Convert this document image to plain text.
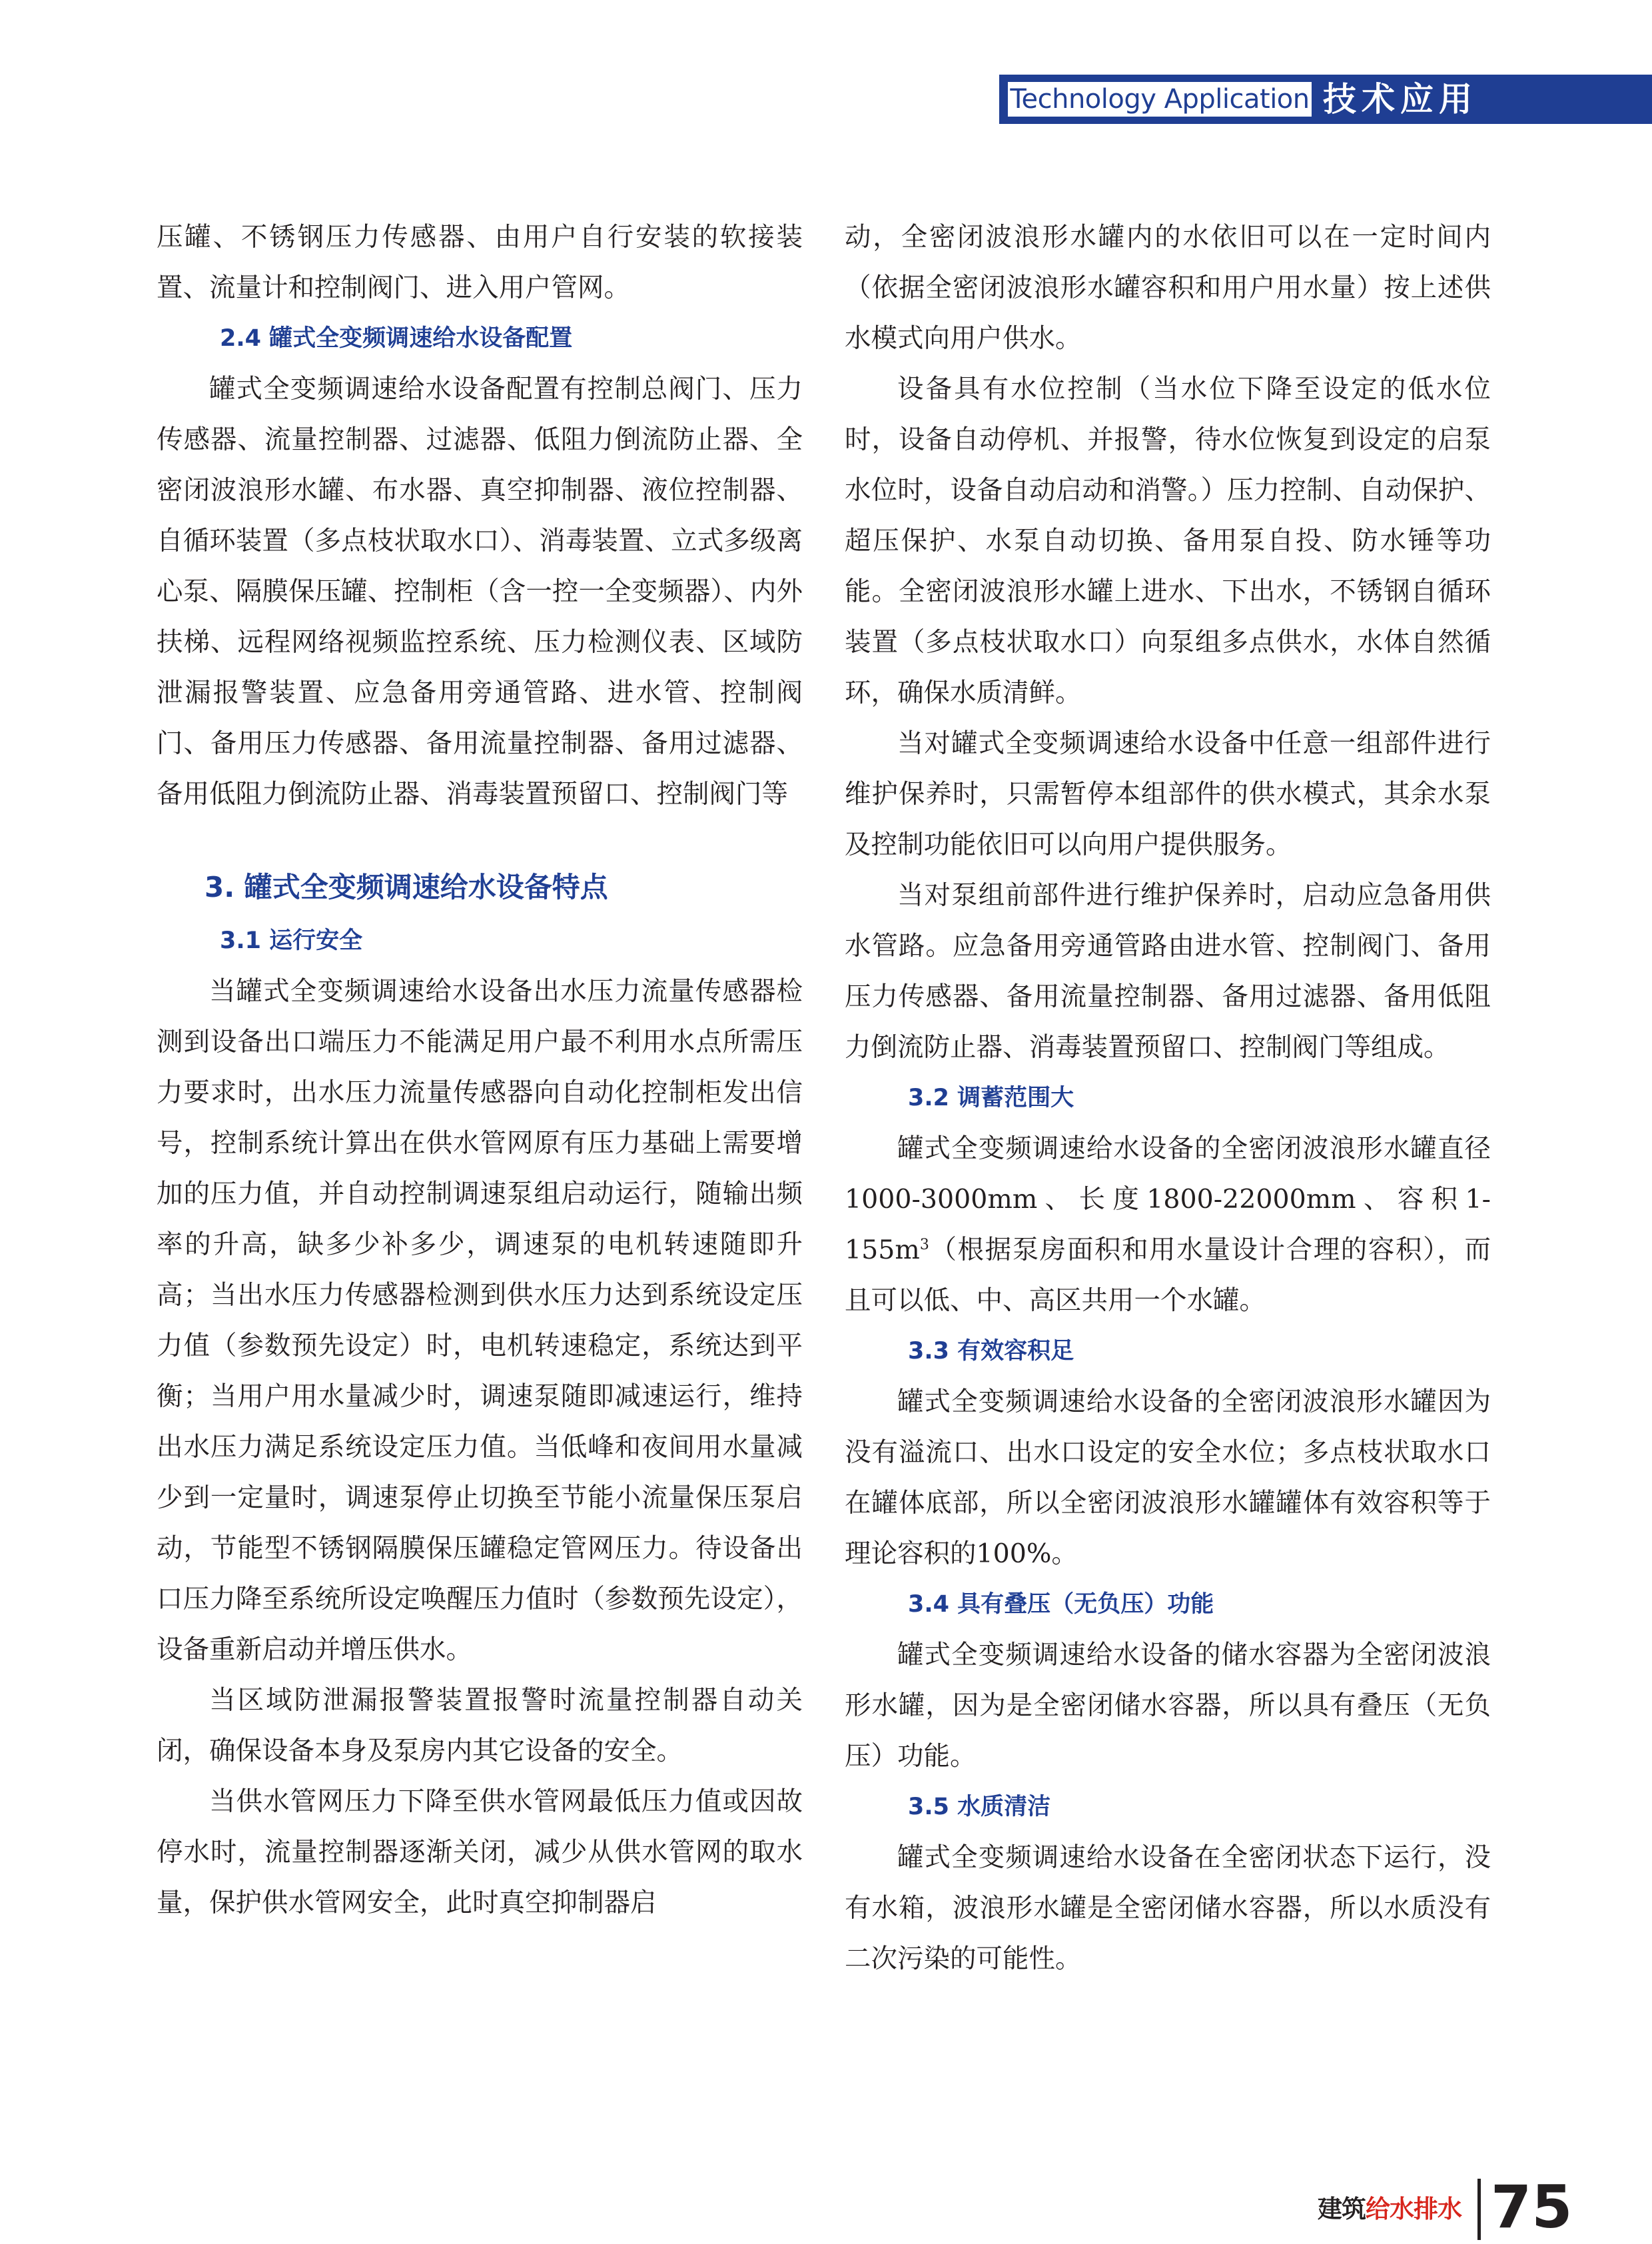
Technology Application 技术应用

压罐、不锈钢压力传感器、由用户自行安装的软接装置、流量计和控制阀门、进入用户管网。

2.4 罐式全变频调速给水设备配置

罐式全变频调速给水设备配置有控制总阀门、压力传感器、流量控制器、过滤器、低阻力倒流防止器、全密闭波浪形水罐、布水器、真空抑制器、液位控制器、自循环装置（多点枝状取水口）、消毒装置、立式多级离心泵、隔膜保压罐、控制柜（含一控一全变频器）、内外扶梯、远程网络视频监控系统、压力检测仪表、区域防泄漏报警装置、应急备用旁通管路、进水管、控制阀门、备用压力传感器、备用流量控制器、备用过滤器、备用低阻力倒流防止器、消毒装置预留口、控制阀门等

3. 罐式全变频调速给水设备特点
3.1 运行安全

当罐式全变频调速给水设备出水压力流量传感器检测到设备出口端压力不能满足用户最不利用水点所需压力要求时，出水压力流量传感器向自动化控制柜发出信号，控制系统计算出在供水管网原有压力基础上需要增加的压力值，并自动控制调速泵组启动运行，随输出频率的升高，缺多少补多少，调速泵的电机转速随即升高；当出水压力传感器检测到供水压力达到系统设定压力值（参数预先设定）时，电机转速稳定，系统达到平衡；当用户用水量减少时，调速泵随即减速运行，维持出水压力满足系统设定压力值。当低峰和夜间用水量减少到一定量时，调速泵停止切换至节能小流量保压泵启动，节能型不锈钢隔膜保压罐稳定管网压力。待设备出口压力降至系统所设定唤醒压力值时（参数预先设定），设备重新启动并增压供水。

当区域防泄漏报警装置报警时流量控制器自动关闭，确保设备本身及泵房内其它设备的安全。

当供水管网压力下降至供水管网最低压力值或因故停水时，流量控制器逐渐关闭，减少从供水管网的取水量，保护供水管网安全，此时真空抑制器启

动，全密闭波浪形水罐内的水依旧可以在一定时间内（依据全密闭波浪形水罐容积和用户用水量）按上述供水模式向用户供水。

设备具有水位控制（当水位下降至设定的低水位时，设备自动停机、并报警，待水位恢复到设定的启泵水位时，设备自动启动和消警。）压力控制、自动保护、超压保护、水泵自动切换、备用泵自投、防水锤等功能。全密闭波浪形水罐上进水、下出水，不锈钢自循环装置（多点枝状取水口）向泵组多点供水，水体自然循环，确保水质清鲜。

当对罐式全变频调速给水设备中任意一组部件进行维护保养时，只需暂停本组部件的供水模式，其余水泵及控制功能依旧可以向用户提供服务。

当对泵组前部件进行维护保养时，启动应急备用供水管路。应急备用旁通管路由进水管、控制阀门、备用压力传感器、备用流量控制器、备用过滤器、备用低阻力倒流防止器、消毒装置预留口、控制阀门等组成。

3.2 调蓄范围大

罐式全变频调速给水设备的全密闭波浪形水罐直径1000-3000mm、长度1800-22000mm、容积$1-155m^3$（根据泵房面积和用水量设计合理的容积），而且可以低、中、高区共用一个水罐。

3.3 有效容积足

罐式全变频调速给水设备的全密闭波浪形水罐因为没有溢流口、出水口设定的安全水位；多点枝状取水口在罐体底部，所以全密闭波浪形水罐罐体有效容积等于理论容积的100%。

3.4 具有叠压（无负压）功能

罐式全变频调速给水设备的储水容器为全密闭波浪形水罐，因为是全密闭储水容器，所以具有叠压（无负压）功能。

3.5 水质清洁

罐式全变频调速给水设备在全密闭状态下运行，没有水箱，波浪形水罐是全密闭储水容器，所以水质没有二次污染的可能性。

建筑给水排水 75
